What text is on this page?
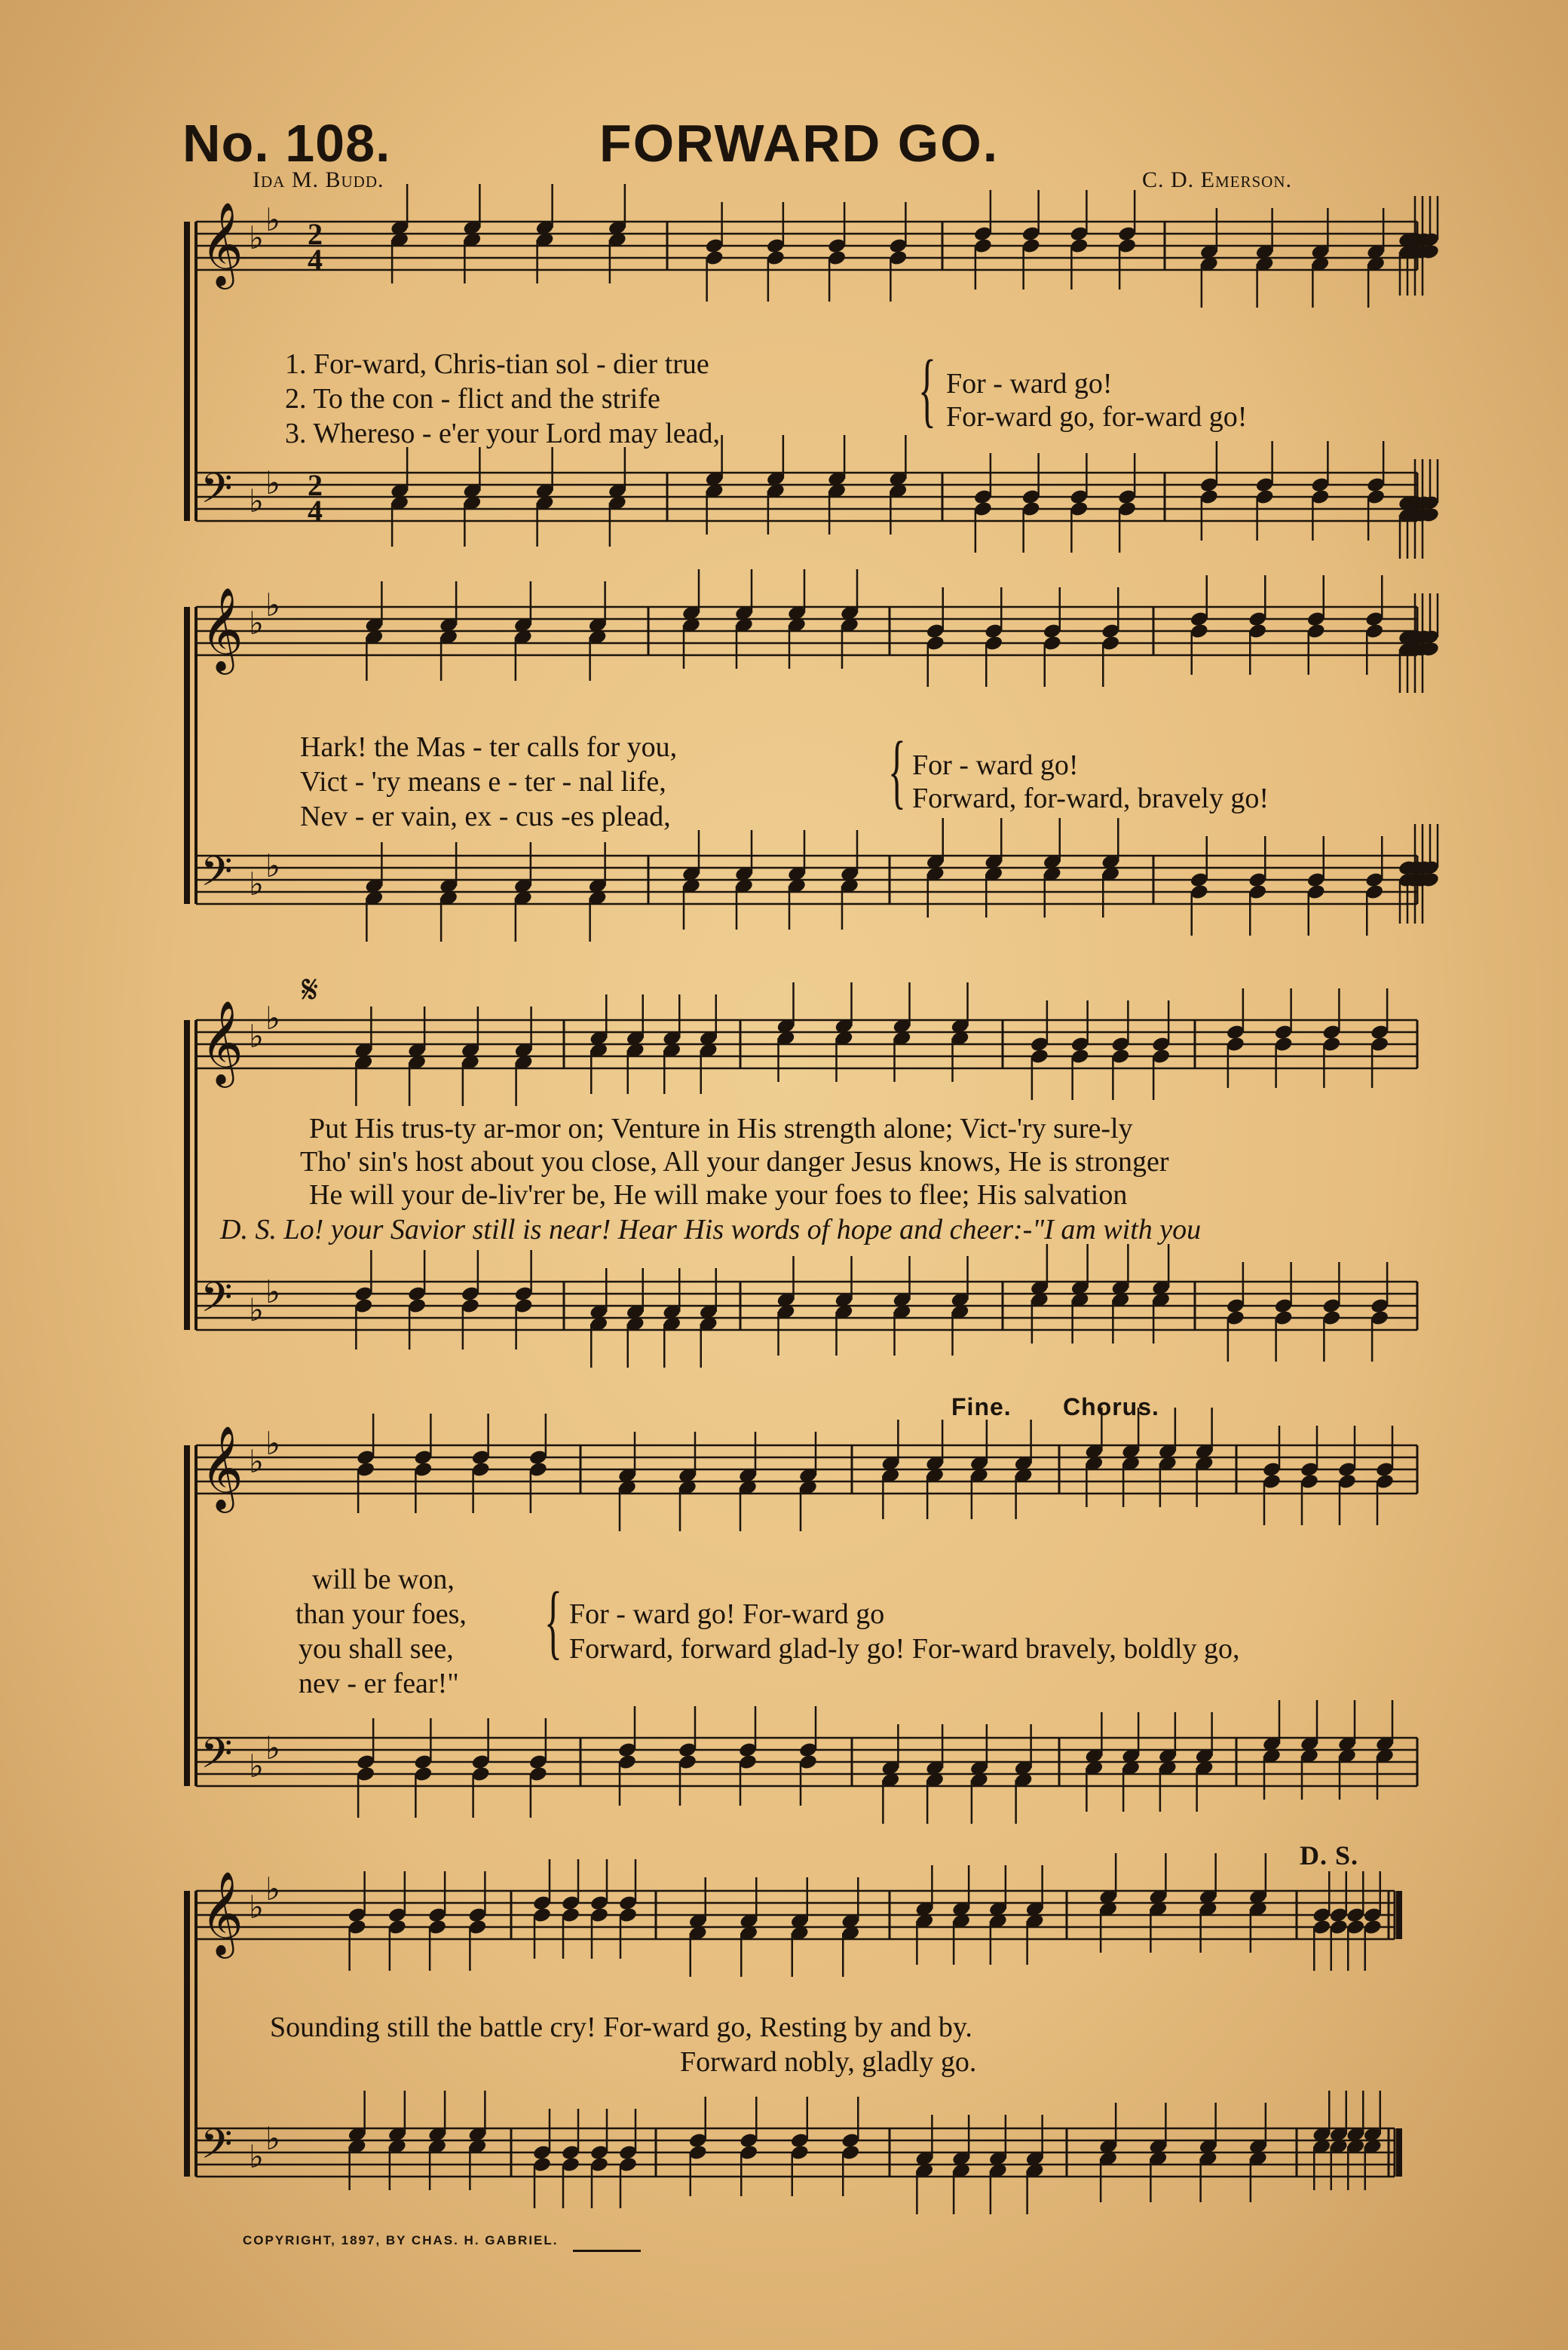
𝄞 ♭ ♭ 2
4
𝄢 ♭ ♭ 2
4
𝄞 ♭ ♭
𝄢 ♭ ♭
𝄞 ♭ ♭
𝄢 ♭ ♭
𝄞 ♭ ♭
𝄢 ♭ ♭
𝄞 ♭ ♭
𝄢 ♭ ♭
𝄋
No. 108.	FORWARD GO.
Ida M. Budd.	C. D. Emerson.
1. For-ward, Chris-tian sol - dier true
2. To the con - flict and the strife
3. Whereso - e'er your Lord may lead, { For - ward go!
For-ward go, for-ward go!
Hark! the Mas - ter calls for you,
Vict - 'ry means e - ter - nal life,
Nev - er vain, ex - cus -es plead,	{ For - ward go!
Forward, for-ward, bravely go!
Put His trus-ty ar-mor on; Venture in His strength alone; Vict-'ry sure-ly
Tho' sin's host about you close, All your danger Jesus knows, He is stronger
He will your de-liv'rer be, He will make your foes to flee; His salvation
D. S. Lo! your Savior still is near! Hear His words of hope and cheer:-"I am with you
Fine. Chorus.
will be won,
than your foes,
you shall see,
nev - er fear!"
{ For - ward go! For-ward go
Forward, forward glad-ly go! For-ward bravely, boldly go,
D. S.
Sounding still the battle cry! For-ward go, Resting by and by.
Forward nobly, gladly go.
COPYRIGHT, 1897, BY CHAS. H. GABRIEL.
